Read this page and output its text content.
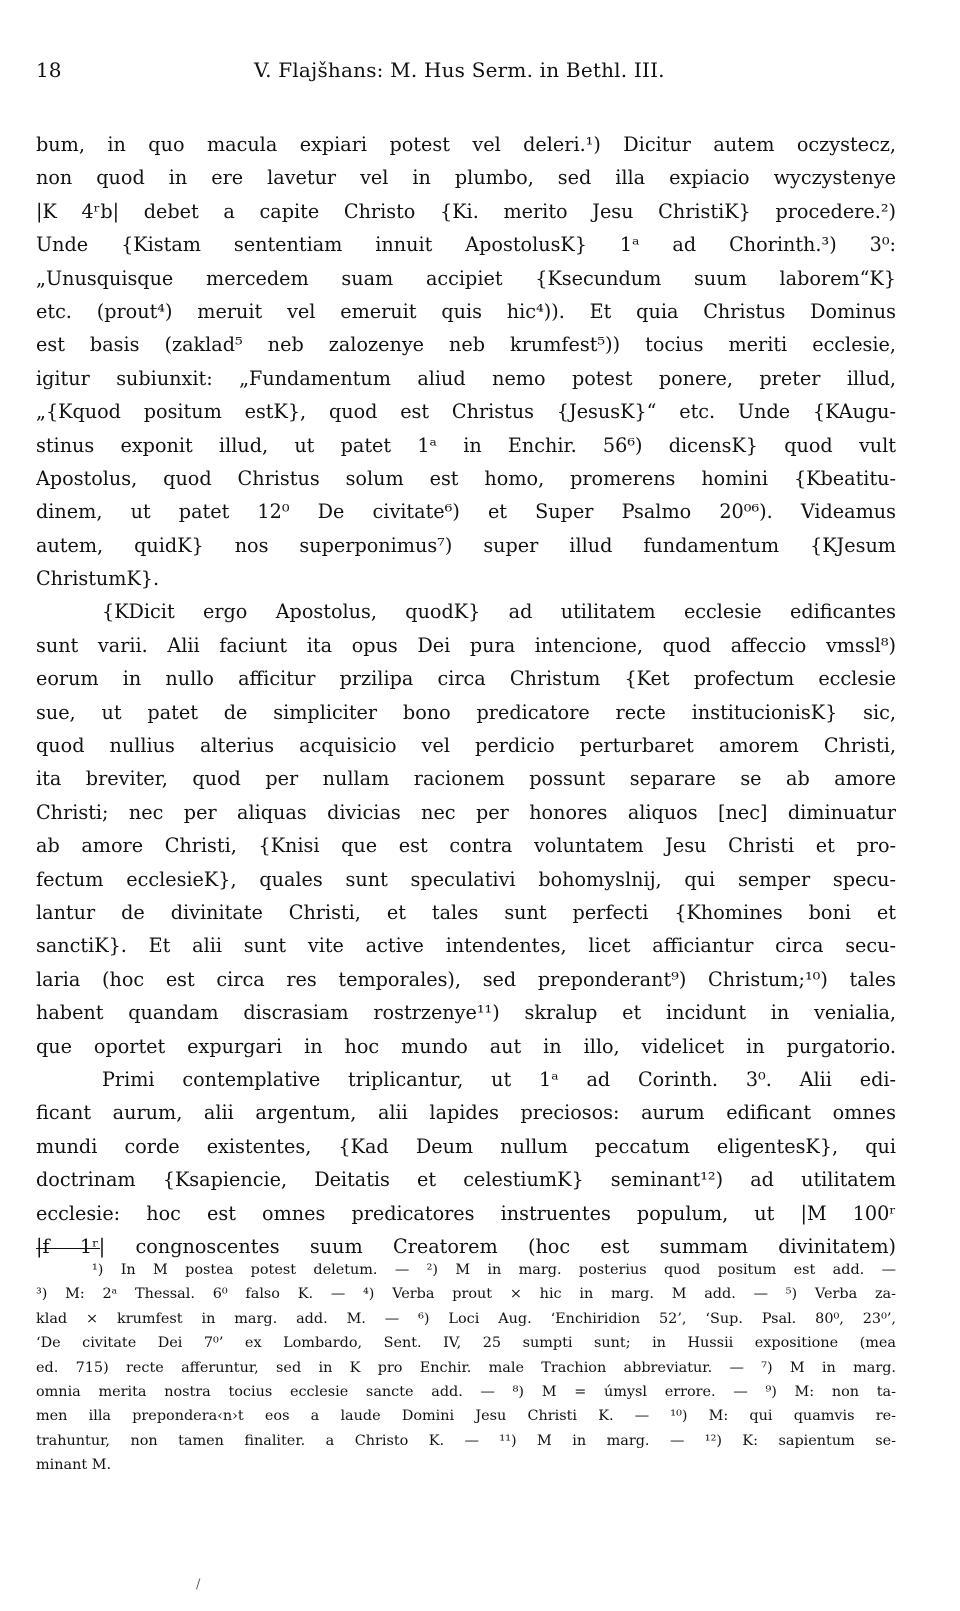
18	V. Flajšhans: M. Hus Serm. in Bethl. III.
bum, in quo macula expiari potest vel deleri.¹) Dicitur autem oczystecz,
non quod in ere lavetur vel in plumbo, sed illa expiacio wyczystenye
|K 4ʳb| debet a capite Christo {Ki. merito Jesu ChristiK} procedere.²)
Unde {Kistam sententiam innuit ApostolusK} 1ᵃ ad Chorinth.³) 3⁰:
„Unusquisque mercedem suam accipiet {Ksecundum suum laborem“K}
etc. (prout⁴) meruit vel emeruit quis hic⁴)). Et quia Christus Dominus
est basis (zaklad⁵ neb zalozenye neb krumfest⁵)) tocius meriti ecclesie,
igitur subiunxit: „Fundamentum aliud nemo potest ponere, preter illud,
„{Kquod positum estK}, quod est Christus {JesusK}“ etc. Unde {KAugu-
stinus exponit illud, ut patet 1ᵃ in Enchir. 56⁶) dicensK} quod vult
Apostolus, quod Christus solum est homo, promerens homini {Kbeatitu-
dinem, ut patet 12⁰ De civitate⁶) et Super Psalmo 20⁰⁶). Videamus
autem, quidK} nos superponimus⁷) super illud fundamentum {KJesum
ChristumK}.
{KDicit ergo Apostolus, quodK} ad utilitatem ecclesie edificantes
sunt varii. Alii faciunt ita opus Dei pura intencione, quod affeccio vmssl⁸)
eorum in nullo afficitur przilipa circa Christum {Ket profectum ecclesie
sue, ut patet de simpliciter bono predicatore recte institucionisK} sic,
quod nullius alterius acquisicio vel perdicio perturbaret amorem Christi,
ita breviter, quod per nullam racionem possunt separare se ab amore
Christi; nec per aliquas divicias nec per honores aliquos [nec] diminuatur
ab amore Christi, {Knisi que est contra voluntatem Jesu Christi et pro-
fectum ecclesieK}, quales sunt speculativi bohomyslnij, qui semper specu-
lantur de divinitate Christi, et tales sunt perfecti {Khomines boni et
sanctiK}. Et alii sunt vite active intendentes, licet afficiantur circa secu-
laria (hoc est circa res temporales), sed preponderant⁹) Christum;¹⁰) tales
habent quandam discrasiam rostrzenye¹¹) skralup et incidunt in venialia,
que oportet expurgari in hoc mundo aut in illo, videlicet in purgatorio.
Primi contemplative triplicantur, ut 1ᵃ ad Corinth. 3⁰. Alii edi-
ficant aurum, alii argentum, alii lapides preciosos: aurum edificant omnes
mundi corde existentes, {Kad Deum nullum peccatum eligentesK}, qui
doctrinam {Ksapiencie, Deitatis et celestiumK} seminant¹²) ad utilitatem
ecclesie: hoc est omnes predicatores instruentes populum, ut |M 100ʳ
|f 1ʳ| congnoscentes suum Creatorem (hoc est summam divinitatem)
¹) In M postea potest deletum. — ²) M in marg. posterius quod positum est add. —
³) M: 2ᵃ Thessal. 6⁰ falso K. — ⁴) Verba prout × hic in marg. M add. — ⁵) Verba za-
klad × krumfest in marg. add. M. — ⁶) Loci Aug. ‘Enchiridion 52’, ‘Sup. Psal. 80⁰, 23⁰’,
‘De civitate Dei 7⁰’ ex Lombardo, Sent. IV, 25 sumpti sunt; in Hussii expositione (mea
ed. 715) recte afferuntur, sed in K pro Enchir. male Trachion abbreviatur. — ⁷) M in marg.
omnia merita nostra tocius ecclesie sancte add. — ⁸) M = úmysl errore. — ⁹) M: non ta-
men illa prepondera‹n›t eos a laude Domini Jesu Christi K. — ¹⁰) M: qui quamvis re-
trahuntur, non tamen finaliter. a Christo K. — ¹¹) M in marg. — ¹²) K: sapientum se-
minant M.
/
